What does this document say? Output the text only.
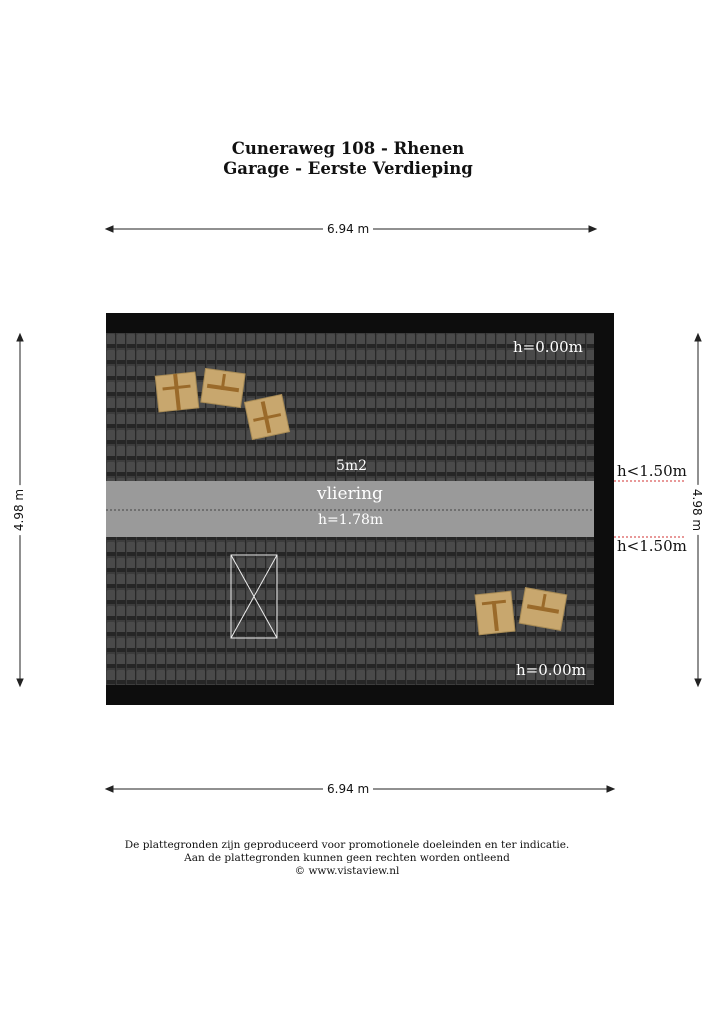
Cuneraweg 108 - Rhenen
Garage - Eerste Verdieping
6.94 m
6.94 m
4.98 m	4.98 m
h=0.00m
5m2
vliering
h=1.78m
h=0.00m
h<1.50m
h<1.50m
De plattegronden zijn geproduceerd voor promotionele doeleinden en ter indicatie.
Aan de plattegronden kunnen geen rechten worden ontleend
© www.vistaview.nl
